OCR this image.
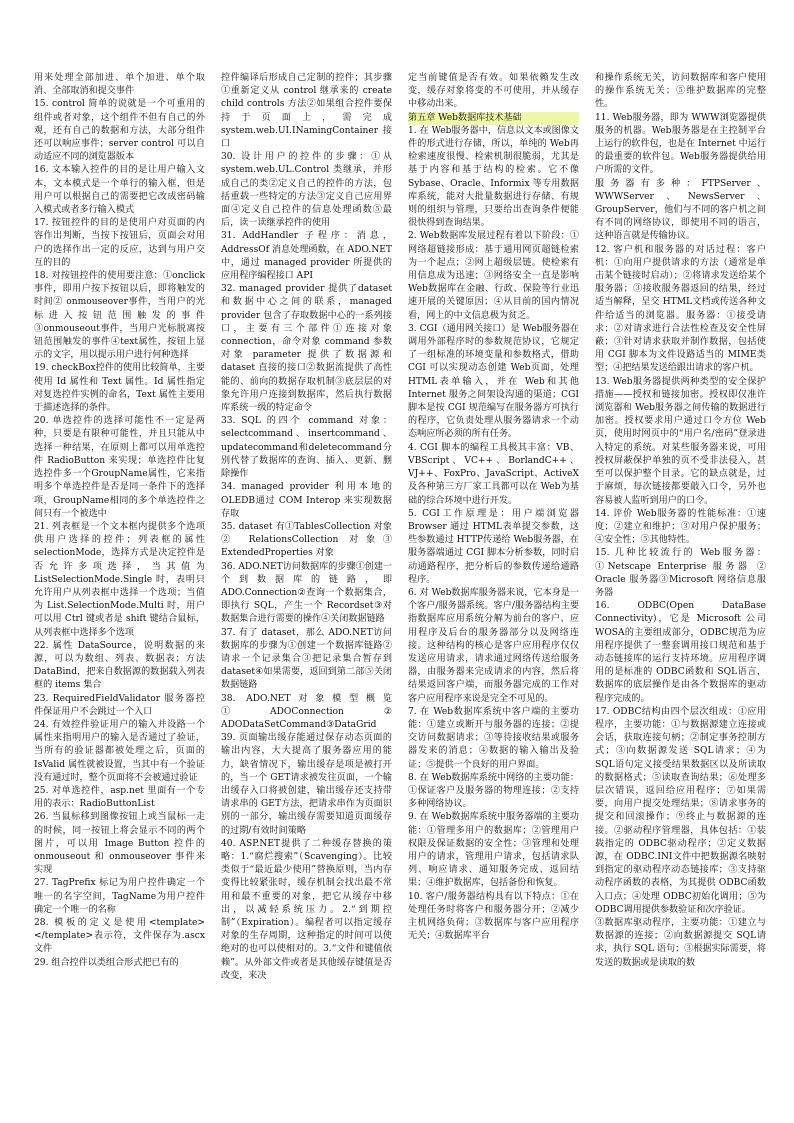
用来处理全部加进、单个加进、单个取消、全部取消和提交事件

15. control 简单的说就是一个可重用的组件或者对象，这个组件不但有自己的外观，还有自己的数据和方法，大部分组件还可以响应事件；server control 可以自动适应不同的浏览器版本

16. 文本输入控件的目的是让用户输入文本，文本模式是一个单行的输入框，但是用户可以根据自己的需要把它改成密码输入模式或者多行输入模式

17. 按钮控件的目的是使用户对页面的内容作出判断，当按下按钮后，页面会对用户的选择作出一定的反应，达到与用户交互的目的

18. 对按钮控件的使用要注意：①onclick 事件，即用户按下按钮以后，即将触发的时间② onmouseover事件，当用户的光标进入按钮范围触发的事件③onmouseout事件，当用户光标脱离按钮范围触发的事件④text属性，按钮上显示的文字，用以提示用户进行何种选择

19. checkBox控件的使用比较简单，主要使用 Id 属性和 Text 属性。Id 属性指定对复选控件实例的命名，Text 属性主要用于描述选择的条件。

20. 单选控件的选择可能性不一定是两种，只要是有限种可能性，并且只能从中选择一种结果，在原则上都可以用单选控件 RadioButton 来实现；单选控件比复选控件多一个GroupName属性，它来指明多个单选控件是否是同一条件下的选择项，GroupName相同的多个单选控件之间只有一个被选中

21. 列表框是一个文本框内提供多个选项供用户选择的控件；列表框的属性 selectionMode，选择方式是决定控件是否允许多项选择，当其值为 ListSelectionMode.Single 时，表明只允许用户从列表框中选择一个选项；当值为 List.SelectionMode.Multi 时，用户可以用 Ctrl 键或者是 shift 键结合鼠标，从列表框中选择多个选项

22. 属性 DataSource，说明数据的来源，可以为数组、列表、数据表；方法 DataBind，把来自数据源的数据载入列表框的 items 集合

23. RequiredFieldValidator 服务器控件保证用户不会跳过一个入口

24. 有效控件验证用户的输入并设路一个属性来指明用户的输入是否通过了验证，当所有的验证器都被处理之后，页面的 IsValid 属性就被设置，当其中有一个验证没有通过时，整个页面将不会被通过验证

25. 对单选控件，asp.net 里面有一个专用的表示：RadioButtonList

26. 当鼠标移到图像按钮上或当鼠标一走的时候，同一按钮上将会显示不同的两个图片，可以用 Image Button 控件的 onmouseout 和 onmouseover 事件来实现

27. TagPrefix 标记为用户控件确定一个唯一的名字空间，TagName为用户控件确定一个唯一的名称

28. 模板的定义是使用<template></template>表示符，文件保存为.ascx 文件

29. 组合控件以类组合形式把已有的

控件编译后形成自己定制的控件；其步骤①重新定义从 control 继承来的 create child controls 方法②如果组合控件要保持于页面上，需完成 system.web.UI.INamingContainer 接口

30. 设计用户的控件的步骤：①从 system.web.UL.Control 类继承，并形成自己的类②定义自己的控件的方法，包括重载一些特定的方法③定义自己应用界面④定义自己控件的信息处理函数⑤最后，读一读继承控件的使用

31. AddHandler 子程序：消息，AddressOf 消息处理函数，在 ADO.NET中，通过 managed provider 所提供的应用程序编程接口 API

32. managed provider 提供了dataset 和数据中心之间的联系，managed provider 包含了存取数据中心的一系列接口，主要有三个部件①连接对象 connection，命令对象 command 参数对象 parameter 提供了数据源和 dataset 直接的接口②数据流提供了高性能的、前向的数据存取机制③底层层的对象允许用户连接到数据库，然后执行数据库系统一级的特定命令

33. SQL 的四个 command 对象：selectcommand、insertcommand、updatecommand和deletecommand分别代替了数据库的查询、插入、更新、删除操作

34. managed provider 利用本地的 OLEDB通过 COM Interop 来实现数据存取

35. dataset 有①TablesCollection 对象② RelationsCollection 对象③ ExtendedProperties 对象

36. ADO.NET访问数据库的步骤①创建一个到数据库的链路，即 ADO.Connection②查询一个数据集合，即执行 SQL，产生一个 Recordset③对数据集合进行需要的操作④关闭数据链路

37. 有了 dataset，那么 ADO.NET访问数据库的步骤为①创建一个数据库链路②请求一个记录集合③把记录集合暂存到 dataset④如果需要，返回到第二部⑤关闭数据链路

38. ADO.NET对象模型概览①ADOConnection② ADODataSetCommand③DataGrid

39. 页面输出缓存能通过保存动态页面的输出内容，大大提高了服务器应用的能力，缺省情况下，输出缓存是项是被打开的，当一个 GET请求被发往页面，一个输出缓存入口将被创建，输出缓存还支持带请求串的 GET方法，把请求串作为页面识别的一部分，输出缓存需要知道页面缓存的过期/有效时间策略

40. ASP.NET提供了二种缓存替换的策略：1.“腐烂搜索”（Scavenging）。比较类似于“最近最少使用”替换原则，当内存变得比较紧张时，缓存机制会找出最不常用和最不重要的对象，把它从缓存中移出，以减轻系统压力。2.“到期控制”（Expiration）。编程者可以指定缓存对象的生存周期，这种指定的时间可以使绝对的也可以使相对的。3.“文件和键值依赖”。从外部文件或者是其他缓存键值是否改变，来决

定当前键值是否有效。如果依赖发生改变，缓存对象将变的不可使用，并从缓存中移动出来。

第五章 Web数据库技术基础

1. 在 Web服务器中，信息以文本或图像文件的形式进行存储，所以，单纯的 Web再检索速度很慢、检索机制很脆弱，尤其是基于内容和基于结构的检索。它不像 Sybase、Oracle、Informix 等专用数据库系统，能对大批量数据进行存储、有规则的组织与管理，只要给出查询条件便能很快得到查询结果。

2. Web数据库发展过程有着以下阶段：①网络超链接形成：基于通用网页超链检索为一个起点；②网上超级层链。使检索有用信息成为迅速；③网络安全一直是影响 Web数据库在金融、行政、保险等行业迅速开展的关键原因；④从目前的国内情况看，网上的中文信息极为贫乏。

3. CGI（通用网关接口）是 Web服务器在调用外部程序时的参数规范协议，它规定了一组标准的环境变量和参数格式，借助 CGI 可以实现动态创建 Web页面，处理 HTML表单输入，并在 Web和其他 Internet 服务之间架设沟通的渠道；CGI 脚本是按 CGI 规范编写在服务器方可执行的程序，它负责处理从服务器请求一个动态响应所必须的所有任务。

4. CGI 脚本的编程工具极其丰富：VB、VBScript、VC++、BorlandC++、VJ++、FoxPro、JavaScript、ActiveX 及各种第三方厂家工具都可以在 Web为基础的综合环境中进行开发。

5. CGI工作原理是：用户端浏览器Browser 通过 HTML表单提交参数，这些参数通过 HTTP传递给 Web服务器，在服务器端通过 CGI 脚本分析参数，同时启动通路程序，把分析后的参数传递给通路程序。

6. 对 Web数据库服务器来说，它本身是一个客户/服务器系统。客户/服务器结构主要指数据库应用系统分解为前台的客户、应用程序及后台的服务器部分以及网络连接。这种结构的核心是客户应用程序仅仅发送应用请求，请求通过网络传送给服务器，由服务器来完成请求的内容，然后将结果返回客户端，而服务器完成的工作对客户应用程序来说是完全不可见的。

7. 在 Web数据库系统中客户端的主要功能：①建立或断开与服务器的连接；②提交访问数据请求；③等待接收结果或服务器发来的消息；④数据的输入输出及验证；⑤提供一个良好的用户界面。

8. 在 Web数据库系统中网络的主要功能：①保证客户及服务器的物理连接；②支持多种网络协议。

9. 在 Web数据库系统中服务器端的主要功能：①管理多用户的数据库；②管理用户权限及保证数据的安全性；③管理和处理用户的请求，管理用户请求，包括请求队列、响应请求、通知服务完成、返回结果；④维护数据库，包括备份和恢复。

10. 客户/服务器结构具有以下特点：①在处理任务时将客户和服务器分开；②减少主机网络负荷；③数据库与客户应用程序无关；④数据库平台

和操作系统无关，访问数据库和客户使用的操作系统无关；⑤维护数据库的完整性。

11. Web服务器，即为 WWW浏览器提供服务的机器。Web服务器是在主控制平台上运行的软件包，也是在 Internet 中运行的最重要的软件包。Web服务器提供给用户所需的文件。

服务器有多种：FTPServer、WWWServer、NewsServer、GroupServer，他们与不同的客户机之间有不同的网络协议，即使用不同的语言，这种语言就是传输协议。

12. 客户机和服务器的对话过程：客户机：①向用户提供请求的方法（通常是单击某个链接时启动）；②将请求发送给某个服务器；③接收服务器返回的结果，经过适当解释，呈交 HTML文档或传送各种文件给适当的浏览器。服务器：①接受请求；②对请求进行合法性检查及安全性屏蔽；③针对请求获取并制作数据，包括使用 CGI 脚本为文件设路适当的 MIME类型；④把结果发送给跟出请求的客户机。

13. Web服务器提供两种类型的安全保护措施——授权和链接加密。授权即仅准许浏览器和 Web服务器之间传输的数据进行加密。授权要求用户通过口令方位 Web页，使用时网页中的“用户名/密码”登录进入特定的系统。对某些服务器来说，可用授权屏蔽保护单独的页不受非法侵入，甚至可以保护整个目录。它的缺点就是，过于麻烦，每次链接都要敲入口令，另外也容易被人监听到用户的口令。

14. 评价 Web服务器的性能标准：①速度；②建立和维护；③对用户保护服务；④安全性；⑤其他特性。

15. 几种比较流行的 Web服务器：①Netscape Enterprise 服务器 ② Oracle 服务器③Microsoft 网络信息服务器

16. ODBC(Open DataBase Connectivity)，它是 Microsoft 公司 WOSA的主要组成部分，ODBC规范为应用程序提供了一整套调用接口规范和基于动态链接库的运行支持环境。应用程序调用的是标准的 ODBC函数和 SQL语言，数据库的底层操作是由各个数据库的驱动程序完成的。

17. ODBC结构由四个层次组成：①应用程序，主要功能：①与数据源建立连接或会话，获取连接句柄；②制定事务控制方式；③向数据源发送 SQL请求；④为 SQL语句定义接受结果数据区以及所读取的数据格式；⑤读取查询结果；⑥处理多层次错误，返回给应用程序；⑦如果需要，向用户提交处理结果；⑧请求事务的提交和回滚操作；⑨终止与数据源的连接。②驱动程序管理器，具体包括：①装载指定的 ODBC驱动程序；②定义数据源，在 ODBC.INI文件中把数据源名映射到指定的驱动程序动态链接库；③支持驱动程序函数的表格，为其提供 ODBC函数入口点；④处理 ODBC初始化调用；⑤为 ODBC调用提供参数验证和次序验证。

③数据库驱动程序，主要功能：①建立与数据源的连接；②向数据源提交 SQL请求，执行 SQL 语句；③根据实际需要，将发送的数据或是读取的数
